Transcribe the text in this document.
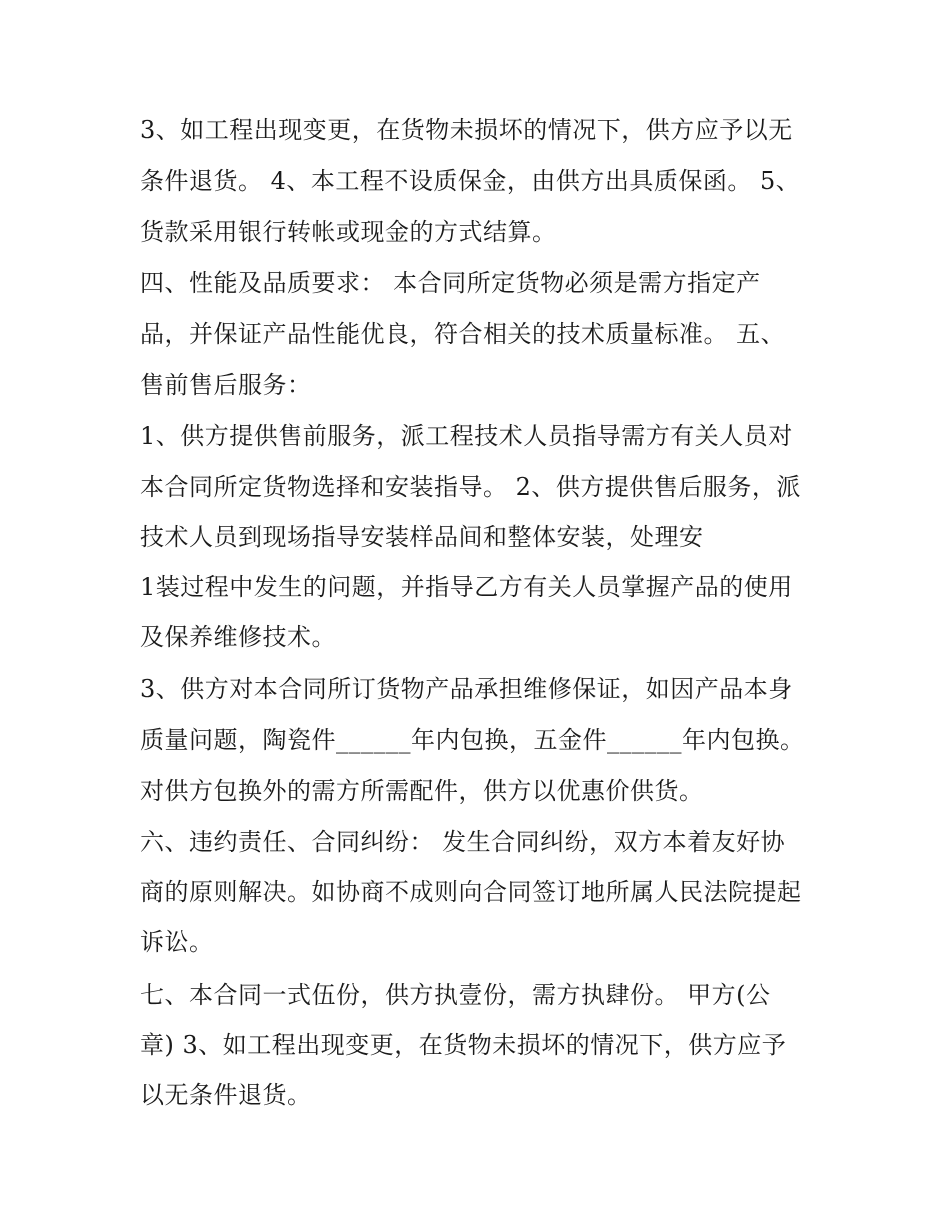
3、如工程出现变更，在货物未损坏的情况下，供方应予以无
条件退货。 4、本工程不设质保金，由供方出具质保函。 5、
货款采用银行转帐或现金的方式结算。
四、性能及品质要求： 本合同所定货物必须是需方指定产
品，并保证产品性能优良，符合相关的技术质量标准。 五、
售前售后服务：
1、供方提供售前服务，派工程技术人员指导需方有关人员对
本合同所定货物选择和安装指导。 2、供方提供售后服务，派
技术人员到现场指导安装样品间和整体安装，处理安
1装过程中发生的问题，并指导乙方有关人员掌握产品的使用
及保养维修技术。
3、供方对本合同所订货物产品承担维修保证，如因产品本身
质量问题，陶瓷件______年内包换，五金件______年内包换。
对供方包换外的需方所需配件，供方以优惠价供货。
六、违约责任、合同纠纷： 发生合同纠纷，双方本着友好协
商的原则解决。如协商不成则向合同签订地所属人民法院提起
诉讼。
七、本合同一式伍份，供方执壹份，需方执肆份。 甲方(公
章) 3、如工程出现变更，在货物未损坏的情况下，供方应予
以无条件退货。
